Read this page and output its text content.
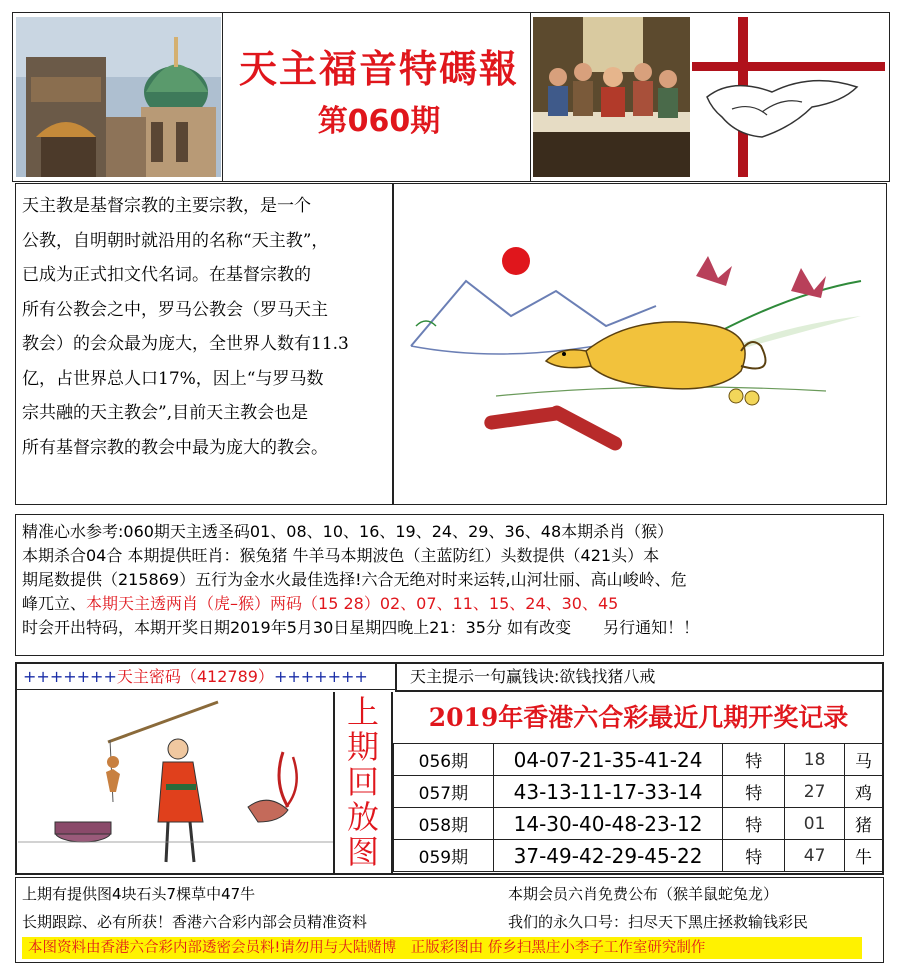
天主福音特碼報
第060期

天主教是基督宗教的主要宗教，是一个

公教，自明朝时就沿用的名称“天主教”，

已成为正式扣文代名词。在基督宗教的

所有公教会之中，罗马公教会（罗马天主

教会）的会众最为庞大，全世界人数有11.3

亿，占世界总人口17%，因上“与罗马数

宗共融的天主教会”,目前天主教会也是

所有基督宗教的教会中最为庞大的教会。

精准心水参考:060期天主透圣码01、08、10、16、19、24、29、36、48本期杀肖（猴）

本期杀合04合 本期提供旺肖：猴兔猪 牛羊马本期波色（主蓝防红）头数提供（421头）本

期尾数提供（215869）五行为金水火最佳选择!六合无绝对时来运转,山河壮丽、高山峻岭、危

峰兀立、本期天主透两肖（虎–猴）两码（15 28）02、07、11、15、24、30、45

时会开出特码，本期开奖日期2019年5月30日星期四晚上21：35分 如有改变　　另行通知！！

+++++++天主密码（412789）+++++++	天主提示一句赢钱诀:欲钱找猪八戒
上
期
回
放
图
2019年香港六合彩最近几期开奖记录
056期	04-07-21-35-41-24	特	18	马
057期	43-13-11-17-33-14	特	27	鸡
058期	14-30-40-48-23-12	特	01	猪
059期	37-49-42-29-45-22	特	47	牛

上期有提供图4块石头7棵草中47牛	本期会员六肖免费公布（猴羊鼠蛇兔龙）

长期跟踪、必有所获！香港六合彩内部会员精准资料	我们的永久口号：扫尽天下黑庄拯救输钱彩民

本图资料由香港六合彩内部透密会员料!请勿用与大陆赌博　正版彩图由 侨乡扫黑庄小李子工作室研究制作
